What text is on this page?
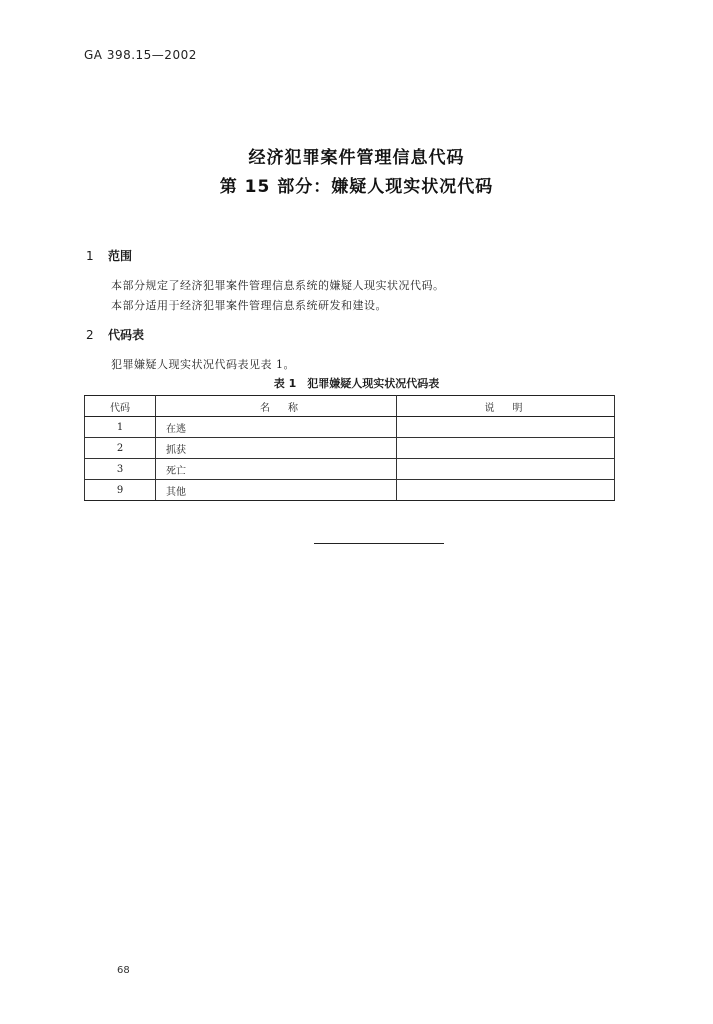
GA 398.15—2002
经济犯罪案件管理信息代码
第 15 部分：嫌疑人现实状况代码
1 范围
本部分规定了经济犯罪案件管理信息系统的嫌疑人现实状况代码。
本部分适用于经济犯罪案件管理信息系统研发和建设。
2 代码表
犯罪嫌疑人现实状况代码表见表 1。
表 1　犯罪嫌疑人现实状况代码表
代码	名　称	说　明
1	在逃	
2	抓获	
3	死亡	
9	其他	
68
